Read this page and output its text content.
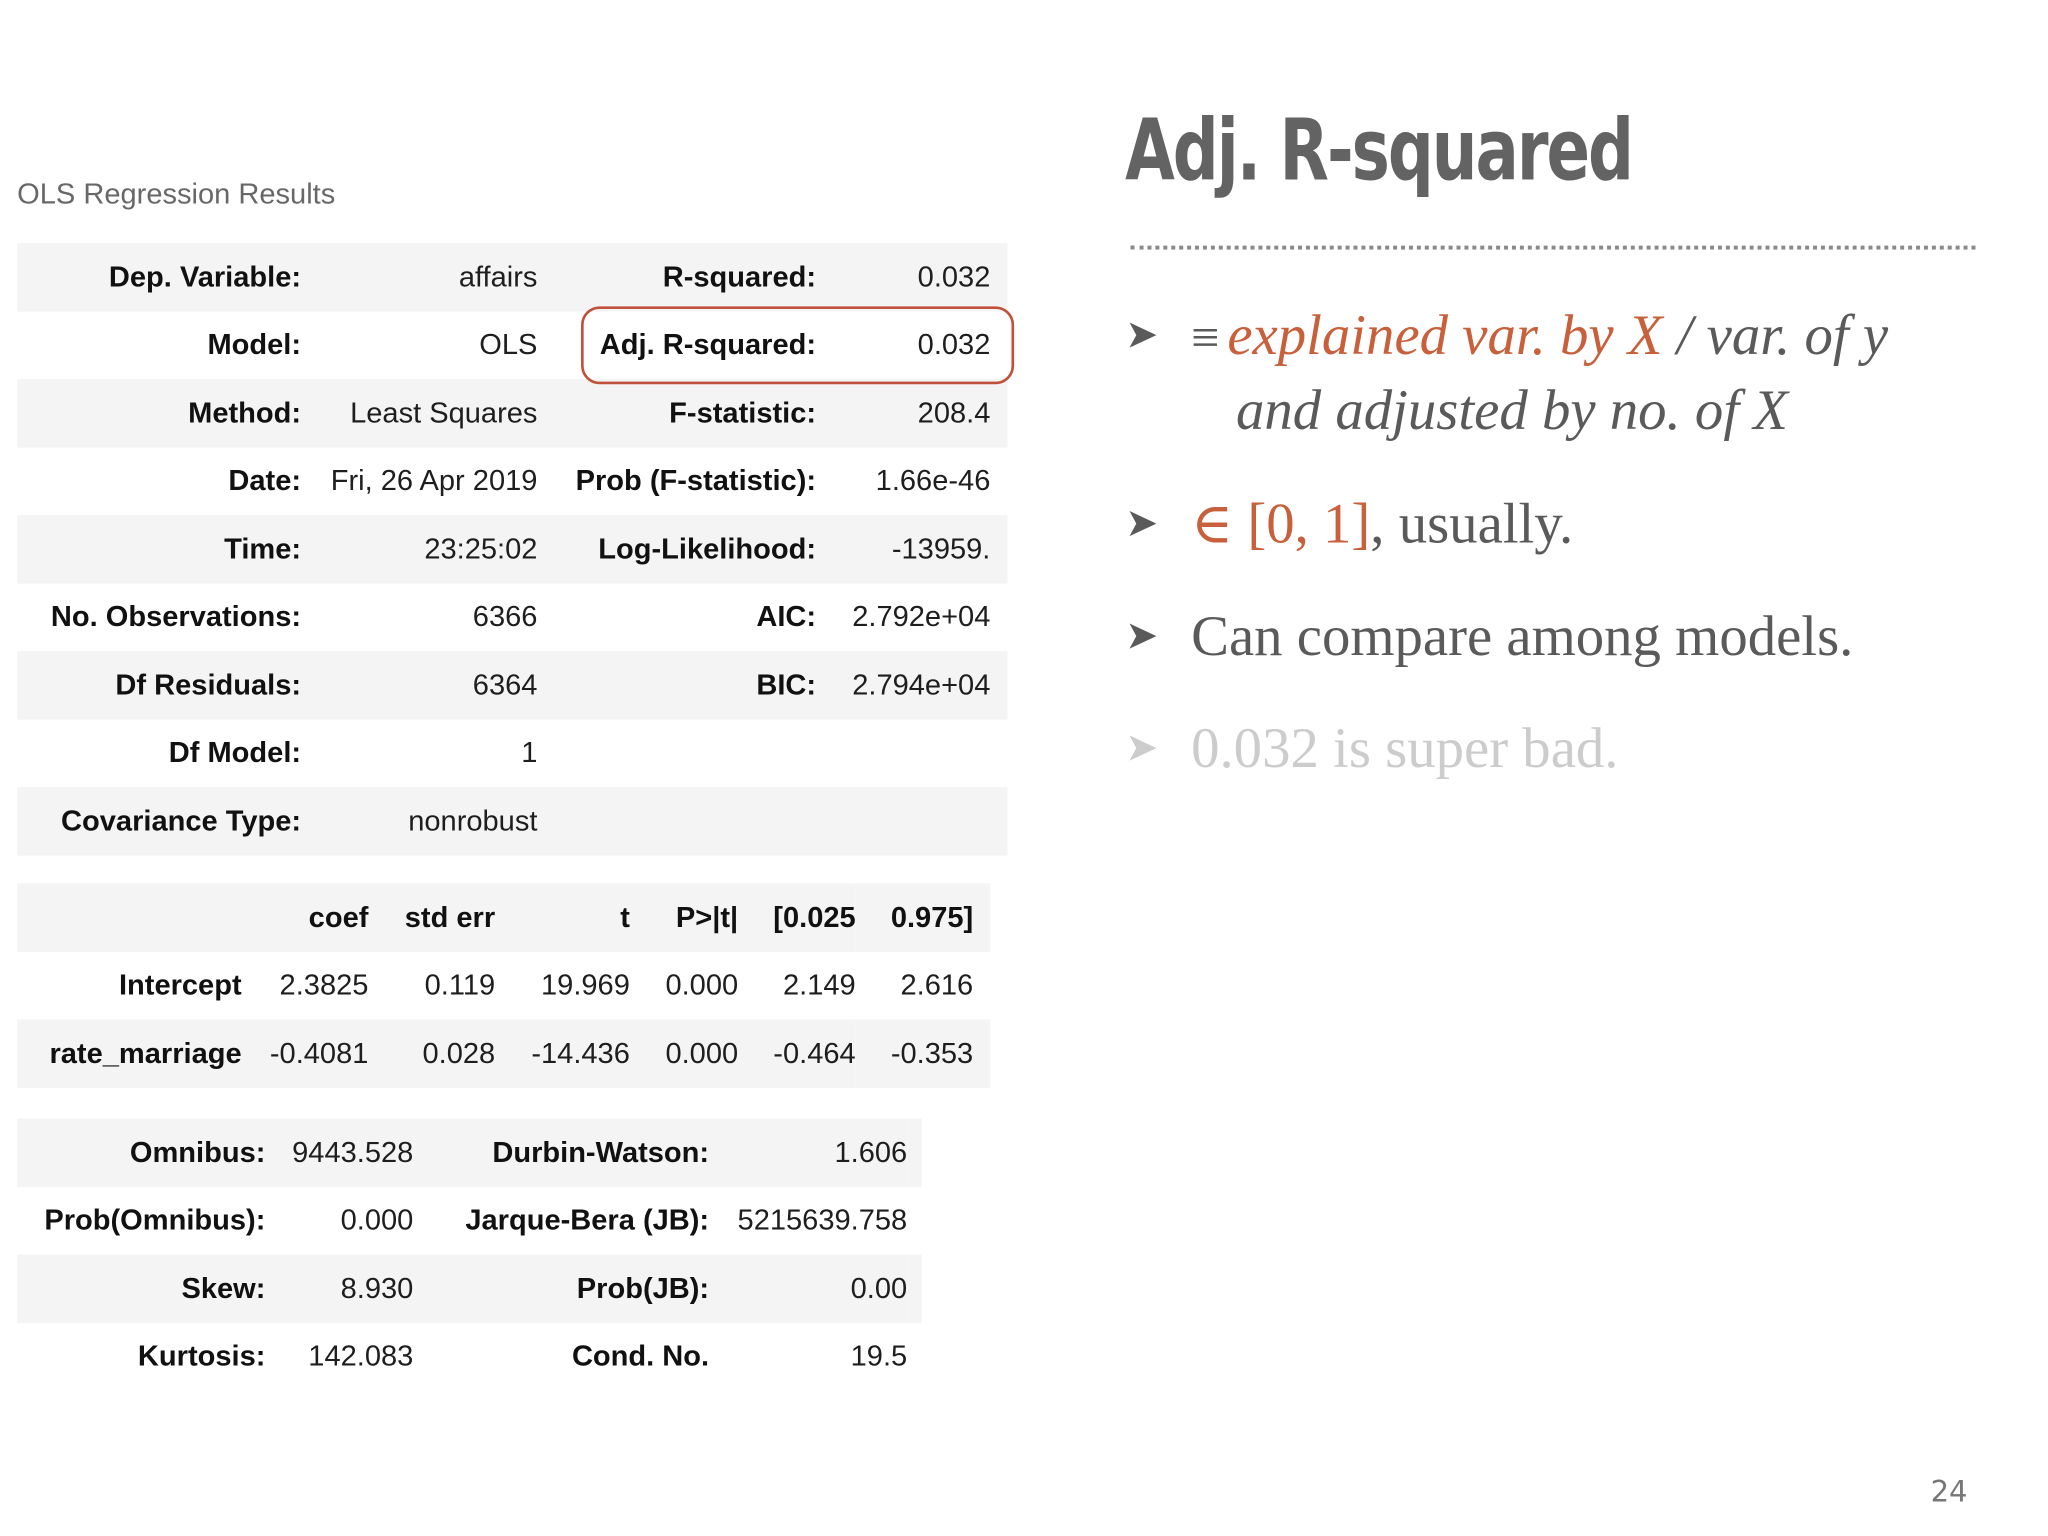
OLS Regression Results
Dep. Variable:	affairs	R-squared:	0.032	
Model:	OLS	Adj. R-squared:	0.032	
Method:	Least Squares	F-statistic:	208.4	
Date:	Fri, 26 Apr 2019	Prob (F-statistic):	1.66e-46	
Time:	23:25:02	Log-Likelihood:	-13959.	
No. Observations:	6366	AIC:	2.792e+04	
Df Residuals:	6364	BIC:	2.794e+04	
Df Model:	1			
Covariance Type:	nonrobust			
	coef	std err	t	P>|t|	[0.025	0.975]	
Intercept	2.3825	0.119	19.969	0.000	2.149	2.616	
rate_marriage	-0.4081	0.028	-14.436	0.000	-0.464	-0.353	
Omnibus:	9443.528	Durbin-Watson:	1.606	
Prob(Omnibus):	0.000	Jarque-Bera (JB):	5215639.758	
Skew:	8.930	Prob(JB):	0.00	
Kurtosis:	142.083	Cond. No.	19.5	
Adj. R-squared
➤ ≡ explained var. by X / var. of y
and adjusted by no. of X
➤ ∈ [0, 1], usually.
➤ Can compare among models.
➤ 0.032 is super bad.
24
